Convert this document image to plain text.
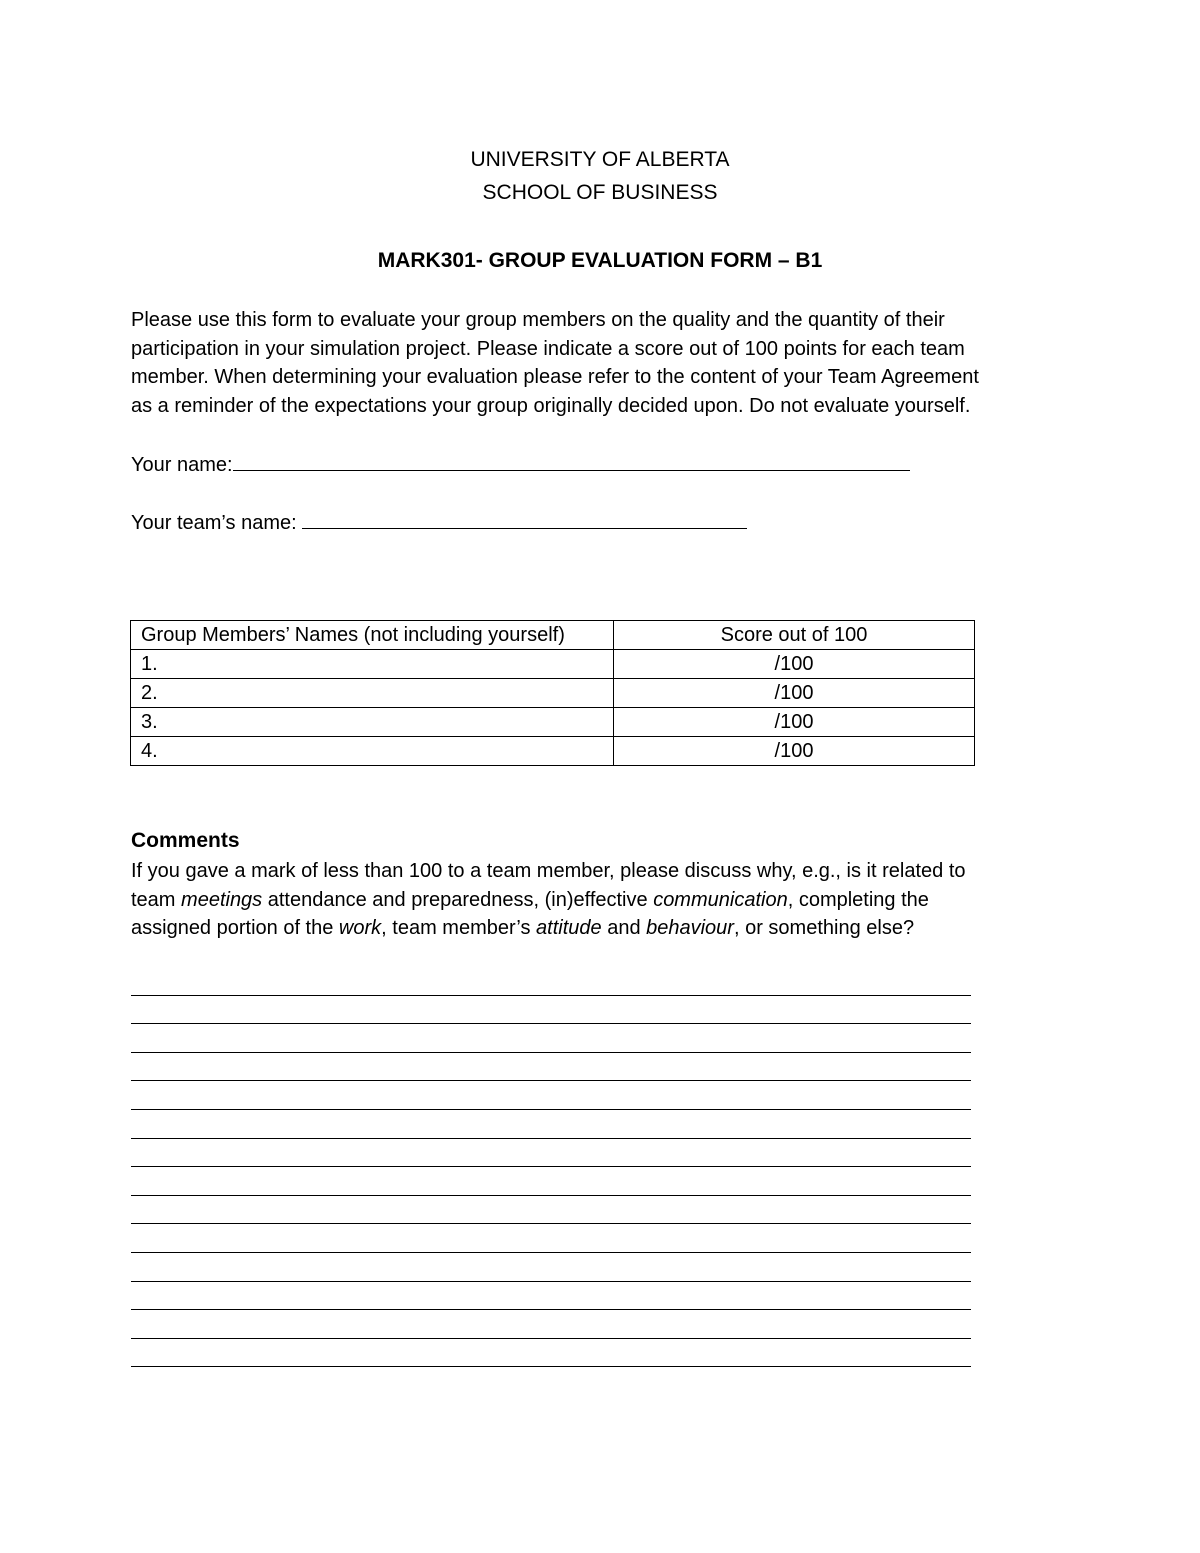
UNIVERSITY OF ALBERTA
SCHOOL OF BUSINESS
MARK301- GROUP EVALUATION FORM – B1
Please use this form to evaluate your group members on the quality and the quantity of their
participation in your simulation project. Please indicate a score out of 100 points for each team
member. When determining your evaluation please refer to the content of your Team Agreement
as a reminder of the expectations your group originally decided upon. Do not evaluate yourself.
Your name:
Your team’s name:
Group Members’ Names (not including yourself)	Score out of 100
1.	/100
2.	/100
3.	/100
4.	/100
Comments
If you gave a mark of less than 100 to a team member, please discuss why, e.g., is it related to
team meetings attendance and preparedness, (in)effective communication, completing the
assigned portion of the work, team member’s attitude and behaviour, or something else?
